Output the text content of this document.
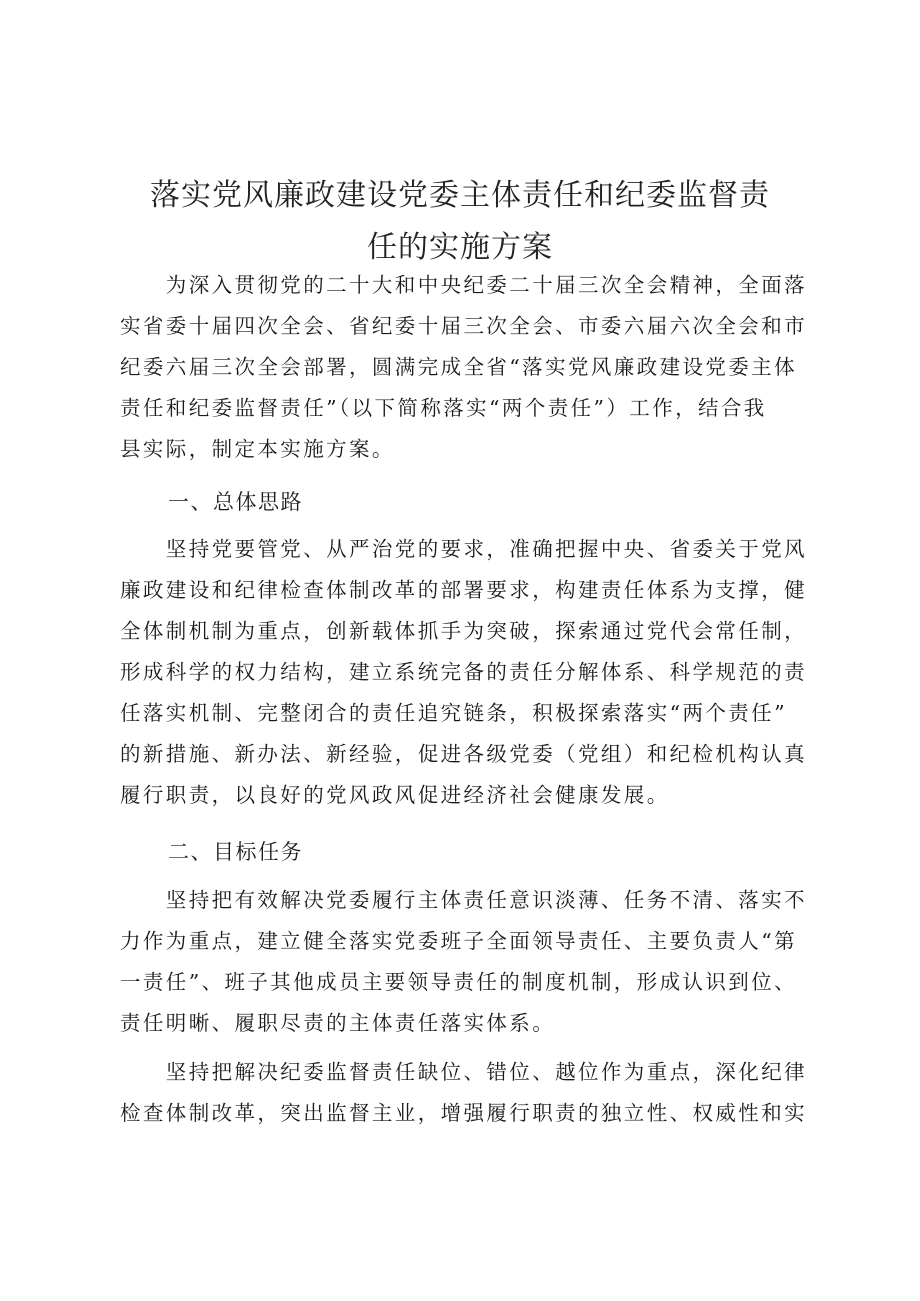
落实党风廉政建设党委主体责任和纪委监督责
任的实施方案
　　为深入贯彻党的二十大和中央纪委二十届三次全会精神，全面落
实省委十届四次全会、省纪委十届三次全会、市委六届六次全会和市
纪委六届三次全会部署，圆满完成全省“落实党风廉政建设党委主体
责任和纪委监督责任”（以下简称落实“两个责任”）工作，结合我
县实际，制定本实施方案。
一、总体思路
　　坚持党要管党、从严治党的要求，准确把握中央、省委关于党风
廉政建设和纪律检查体制改革的部署要求，构建责任体系为支撑，健
全体制机制为重点，创新载体抓手为突破，探索通过党代会常任制，
形成科学的权力结构，建立系统完备的责任分解体系、科学规范的责
任落实机制、完整闭合的责任追究链条，积极探索落实“两个责任”
的新措施、新办法、新经验，促进各级党委（党组）和纪检机构认真
履行职责，以良好的党风政风促进经济社会健康发展。
二、目标任务
　　坚持把有效解决党委履行主体责任意识淡薄、任务不清、落实不
力作为重点，建立健全落实党委班子全面领导责任、主要负责人“第
一责任”、班子其他成员主要领导责任的制度机制，形成认识到位、
责任明晰、履职尽责的主体责任落实体系。
　　坚持把解决纪委监督责任缺位、错位、越位作为重点，深化纪律
检查体制改革，突出监督主业，增强履行职责的独立性、权威性和实
